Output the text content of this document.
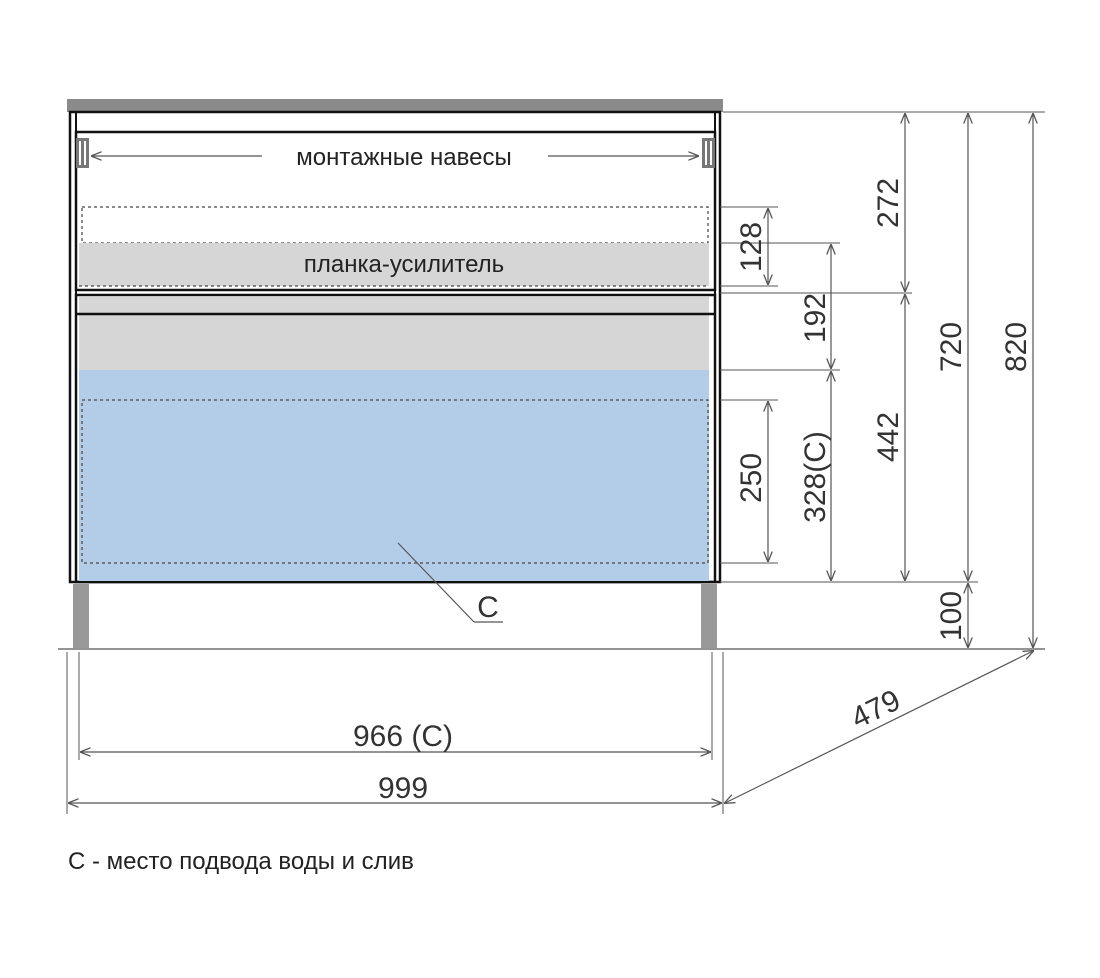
монтажные навесы
планка-усилитель
C
272
442
720
100
820
128
192
328(C)
250
966 (C)
999
479
C - место подвода воды и слив
